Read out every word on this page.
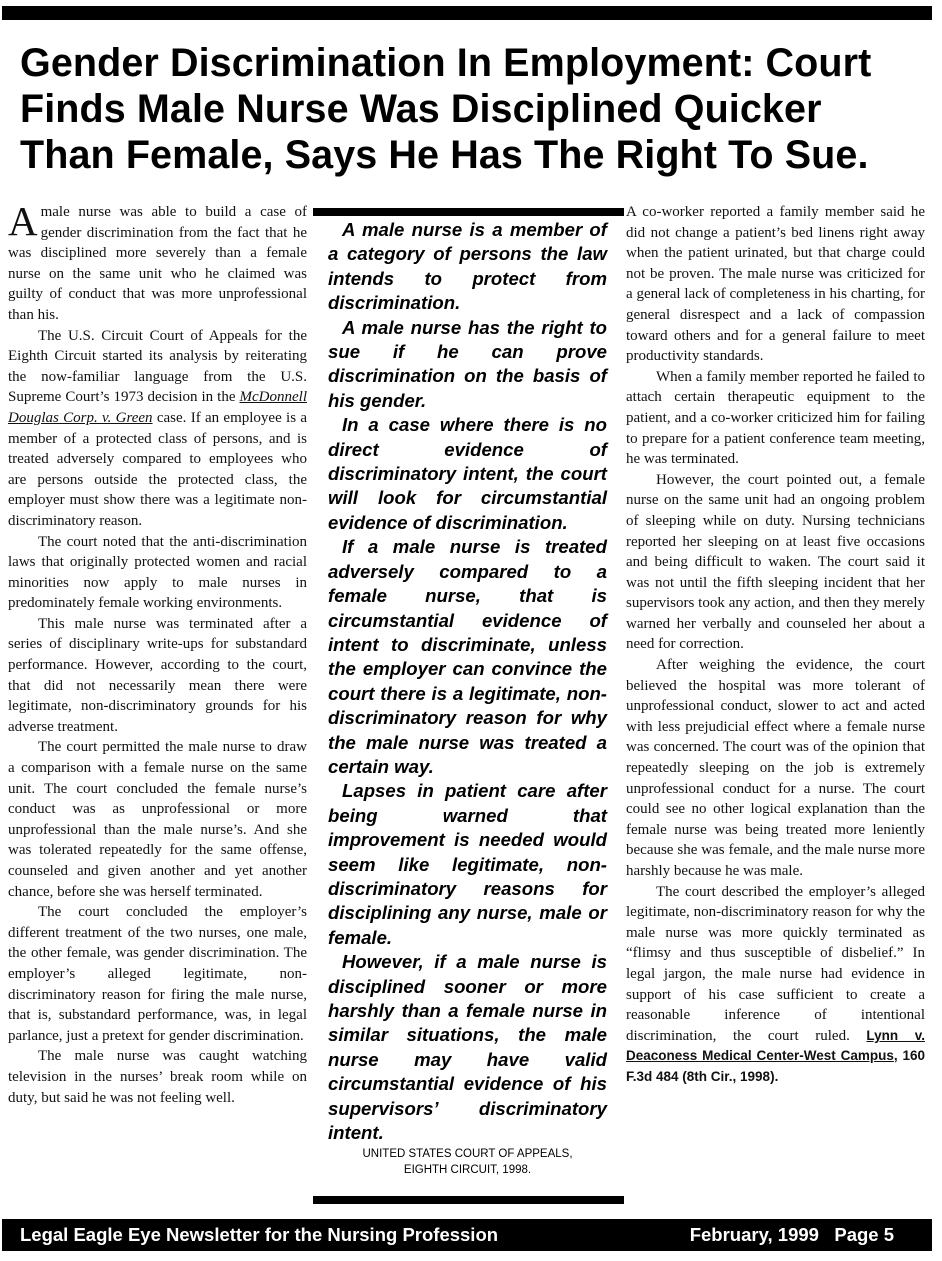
Gender Discrimination In Employment: Court Finds Male Nurse Was Disciplined Quicker Than Female, Says He Has The Right To Sue.

Amale nurse was able to build a case of gender discrimination from the fact that he was disciplined more severely than a female nurse on the same unit who he claimed was guilty of conduct that was more unprofessional than his.

The U.S. Circuit Court of Appeals for the Eighth Circuit started its analysis by reiterating the now-familiar language from the U.S. Supreme Court’s 1973 decision in the McDonnell Douglas Corp. v. Green case. If an employee is a member of a protected class of persons, and is treated adversely compared to employees who are persons outside the protected class, the employer must show there was a legitimate non-discriminatory reason.

The court noted that the anti-discrimination laws that originally protected women and racial minorities now apply to male nurses in predominately female working environments.

This male nurse was terminated after a series of disciplinary write-ups for substandard performance. However, according to the court, that did not necessarily mean there were legitimate, non-discriminatory grounds for his adverse treatment.

The court permitted the male nurse to draw a comparison with a female nurse on the same unit. The court concluded the female nurse’s conduct was as unprofessional or more unprofessional than the male nurse’s. And she was tolerated repeatedly for the same offense, counseled and given another and yet another chance, before she was herself terminated.

The court concluded the employer’s different treatment of the two nurses, one male, the other female, was gender discrimination. The employer’s alleged legitimate, non-discriminatory reason for firing the male nurse, that is, substandard performance, was, in legal parlance, just a pretext for gender discrimination.

The male nurse was caught watching television in the nurses’ break room while on duty, but said he was not feeling well.

A male nurse is a member of a category of persons the law intends to protect from discrimination.

A male nurse has the right to sue if he can prove discrimination on the basis of his gender.

In a case where there is no direct evidence of discriminatory intent, the court will look for circumstantial evidence of discrimination.

If a male nurse is treated adversely compared to a female nurse, that is circumstantial evidence of intent to discriminate, unless the employer can convince the court there is a legitimate, non-discriminatory reason for why the male nurse was treated a certain way.

Lapses in patient care after being warned that improvement is needed would seem like legitimate, non-discriminatory reasons for disciplining any nurse, male or female.

However, if a male nurse is disciplined sooner or more harshly than a female nurse in similar situations, the male nurse may have valid circumstantial evidence of his supervisors’ discriminatory intent.

UNITED STATES COURT OF APPEALS,
EIGHTH CIRCUIT, 1998.

A co-worker reported a family member said he did not change a patient’s bed linens right away when the patient urinated, but that charge could not be proven. The male nurse was criticized for a general lack of completeness in his charting, for general disrespect and a lack of compassion toward others and for a general failure to meet productivity standards.

When a family member reported he failed to attach certain therapeutic equipment to the patient, and a co-worker criticized him for failing to prepare for a patient conference team meeting, he was terminated.

However, the court pointed out, a female nurse on the same unit had an ongoing problem of sleeping while on duty. Nursing technicians reported her sleeping on at least five occasions and being difficult to waken. The court said it was not until the fifth sleeping incident that her supervisors took any action, and then they merely warned her verbally and counseled her about a need for correction.

After weighing the evidence, the court believed the hospital was more tolerant of unprofessional conduct, slower to act and acted with less prejudicial effect where a female nurse was concerned. The court was of the opinion that repeatedly sleeping on the job is extremely unprofessional conduct for a nurse. The court could see no other logical explanation than the female nurse was being treated more leniently because she was female, and the male nurse more harshly because he was male.

The court described the employer’s alleged legitimate, non-discriminatory reason for why the male nurse was more quickly terminated as “flimsy and thus susceptible of disbelief.” In legal jargon, the male nurse had evidence in support of his case sufficient to create a reasonable inference of intentional discrimination, the court ruled. Lynn v. Deaconess Medical Center-West Campus, 160 F.3d 484 (8th Cir., 1998).

Legal Eagle Eye Newsletter for the Nursing Profession	February, 1999   Page 5
